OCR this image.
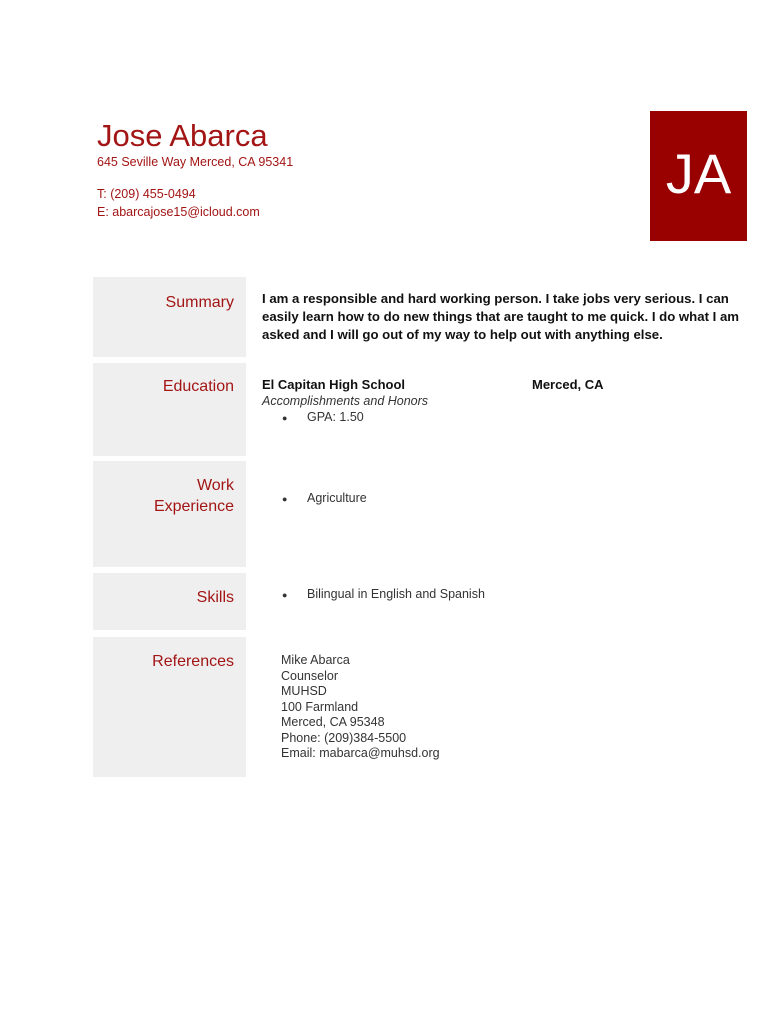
Jose Abarca
645 Seville Way Merced, CA 95341
T: (209) 455-0494
E: abarcajose15@icloud.com
JA
Summary I am a responsible and hard working person. I take jobs very serious. I can easily learn how to do new things that are taught to me quick. I do what I am asked and I will go out of my way to help out with anything else.
Education El Capitan High School	Merced, CA
Accomplishments and Honors
● GPA: 1.50
Work
Experience	● Agriculture
Skills	● Bilingual in English and Spanish
References	Mike Abarca
Counselor
MUHSD
100 Farmland
Merced, CA 95348
Phone: (209)384-5500
Email: mabarca@muhsd.org
